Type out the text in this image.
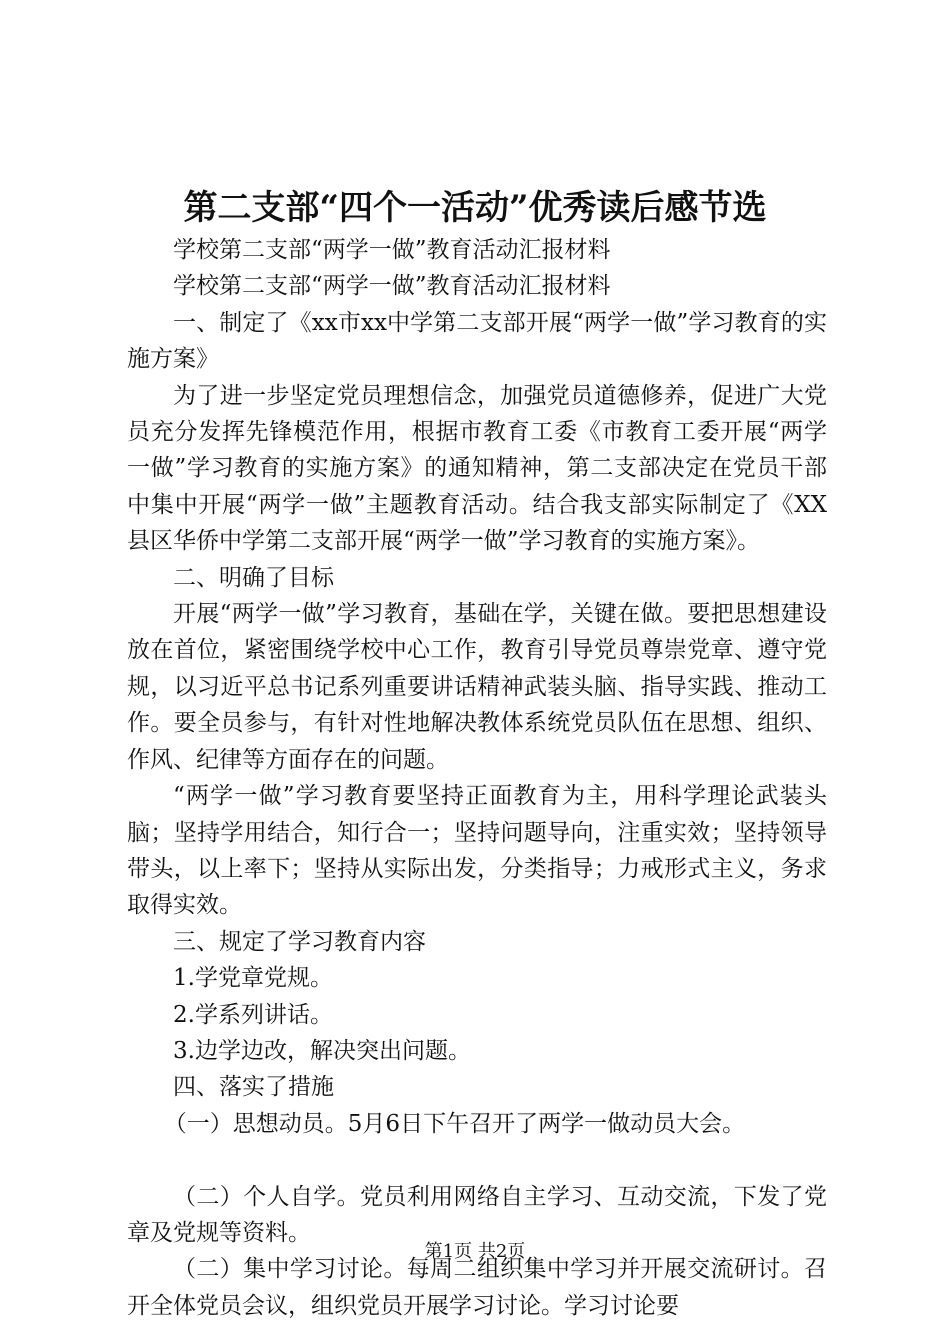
第二支部“四个一活动”优秀读后感节选

学校第二支部“两学一做”教育活动汇报材料

学校第二支部“两学一做”教育活动汇报材料

一、制定了《xx市xx中学第二支部开展“两学一做”学习教育的实施方案》

为了进一步坚定党员理想信念，加强党员道德修养，促进广大党员充分发挥先锋模范作用，根据市教育工委《市教育工委开展“两学一做”学习教育的实施方案》的通知精神，第二支部决定在党员干部中集中开展“两学一做”主题教育活动。结合我支部实际制定了《XX县区华侨中学第二支部开展“两学一做”学习教育的实施方案》。

二、明确了目标

开展“两学一做”学习教育，基础在学，关键在做。要把思想建设放在首位，紧密围绕学校中心工作，教育引导党员尊崇党章、遵守党规，以习近平总书记系列重要讲话精神武装头脑、指导实践、推动工作。要全员参与，有针对性地解决教体系统党员队伍在思想、组织、作风、纪律等方面存在的问题。

“两学一做”学习教育要坚持正面教育为主，用科学理论武装头脑；坚持学用结合，知行合一；坚持问题导向，注重实效；坚持领导带头，以上率下；坚持从实际出发，分类指导；力戒形式主义，务求取得实效。

三、规定了学习教育内容

1.学党章党规。

2.学系列讲话。

3.边学边改，解决突出问题。

四、落实了措施

（一）思想动员。5月6日下午召开了两学一做动员大会。

（二）个人自学。党员利用网络自主学习、互动交流，下发了党章及党规等资料。

（二）集中学习讨论。每周二组织集中学习并开展交流研讨。召开全体党员会议，组织党员开展学习讨论。学习讨论要

第1页 共2页
